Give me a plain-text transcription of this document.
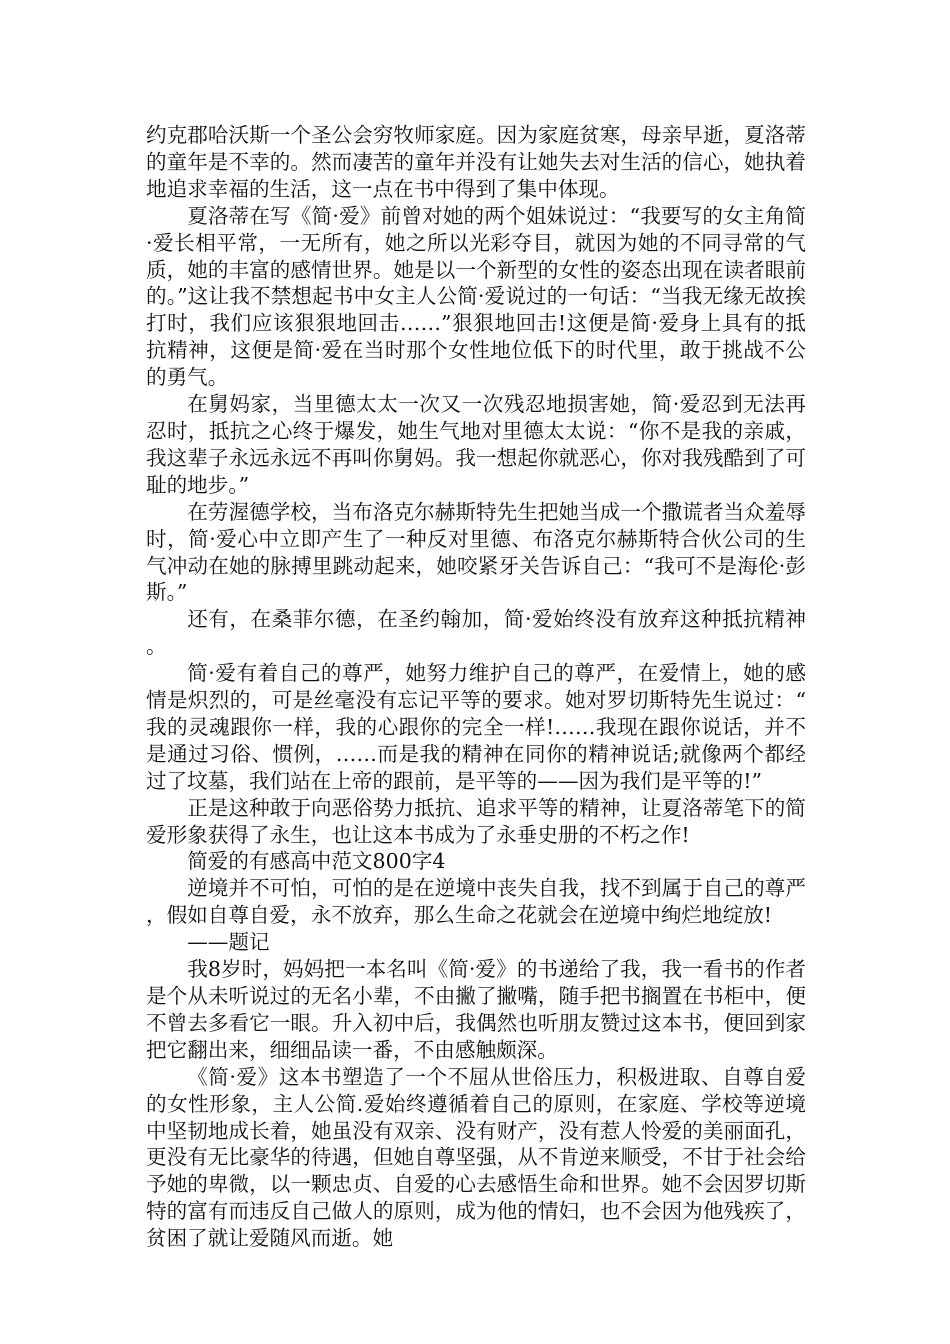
约克郡哈沃斯一个圣公会穷牧师家庭。因为家庭贫寒，母亲早逝，夏洛蒂的童年是不幸的。然而凄苦的童年并没有让她失去对生活的信心，她执着地追求幸福的生活，这一点在书中得到了集中体现。

夏洛蒂在写《简·爱》前曾对她的两个姐妹说过：“我要写的女主角简·爱长相平常，一无所有，她之所以光彩夺目，就因为她的不同寻常的气质，她的丰富的感情世界。她是以一个新型的女性的姿态出现在读者眼前的。”这让我不禁想起书中女主人公简·爱说过的一句话：“当我无缘无故挨打时，我们应该狠狠地回击……”狠狠地回击!这便是简·爱身上具有的抵抗精神，这便是简·爱在当时那个女性地位低下的时代里，敢于挑战不公的勇气。

在舅妈家，当里德太太一次又一次残忍地损害她，简·爱忍到无法再忍时，抵抗之心终于爆发，她生气地对里德太太说：“你不是我的亲戚，我这辈子永远永远不再叫你舅妈。我一想起你就恶心，你对我残酷到了可耻的地步。”

在劳渥德学校，当布洛克尔赫斯特先生把她当成一个撒谎者当众羞辱时，简·爱心中立即产生了一种反对里德、布洛克尔赫斯特合伙公司的生气冲动在她的脉搏里跳动起来，她咬紧牙关告诉自己：“我可不是海伦·彭斯。”

还有，在桑菲尔德，在圣约翰加，简·爱始终没有放弃这种抵抗精神。

简·爱有着自己的尊严，她努力维护自己的尊严，在爱情上，她的感情是炽烈的，可是丝毫没有忘记平等的要求。她对罗切斯特先生说过：“我的灵魂跟你一样，我的心跟你的完全一样!……我现在跟你说话，并不是通过习俗、惯例，……而是我的精神在同你的精神说话;就像两个都经过了坟墓，我们站在上帝的跟前，是平等的——因为我们是平等的!”

正是这种敢于向恶俗势力抵抗、追求平等的精神，让夏洛蒂笔下的简爱形象获得了永生，也让这本书成为了永垂史册的不朽之作!

简爱的有感高中范文800字4

逆境并不可怕，可怕的是在逆境中丧失自我，找不到属于自己的尊严，假如自尊自爱，永不放弃，那么生命之花就会在逆境中绚烂地绽放!

——题记

我8岁时，妈妈把一本名叫《简·爱》的书递给了我，我一看书的作者是个从未听说过的无名小辈，不由撇了撇嘴，随手把书搁置在书柜中，便不曾去多看它一眼。升入初中后，我偶然也听朋友赞过这本书，便回到家把它翻出来，细细品读一番，不由感触颇深。

《简·爱》这本书塑造了一个不屈从世俗压力，积极进取、自尊自爱的女性形象，主人公简.爱始终遵循着自己的原则，在家庭、学校等逆境中坚韧地成长着，她虽没有双亲、没有财产，没有惹人怜爱的美丽面孔，更没有无比豪华的待遇，但她自尊坚强，从不肯逆来顺受，不甘于社会给予她的卑微，以一颗忠贞、自爱的心去感悟生命和世界。她不会因罗切斯特的富有而违反自己做人的原则，成为他的情妇，也不会因为他残疾了，贫困了就让爱随风而逝。她
